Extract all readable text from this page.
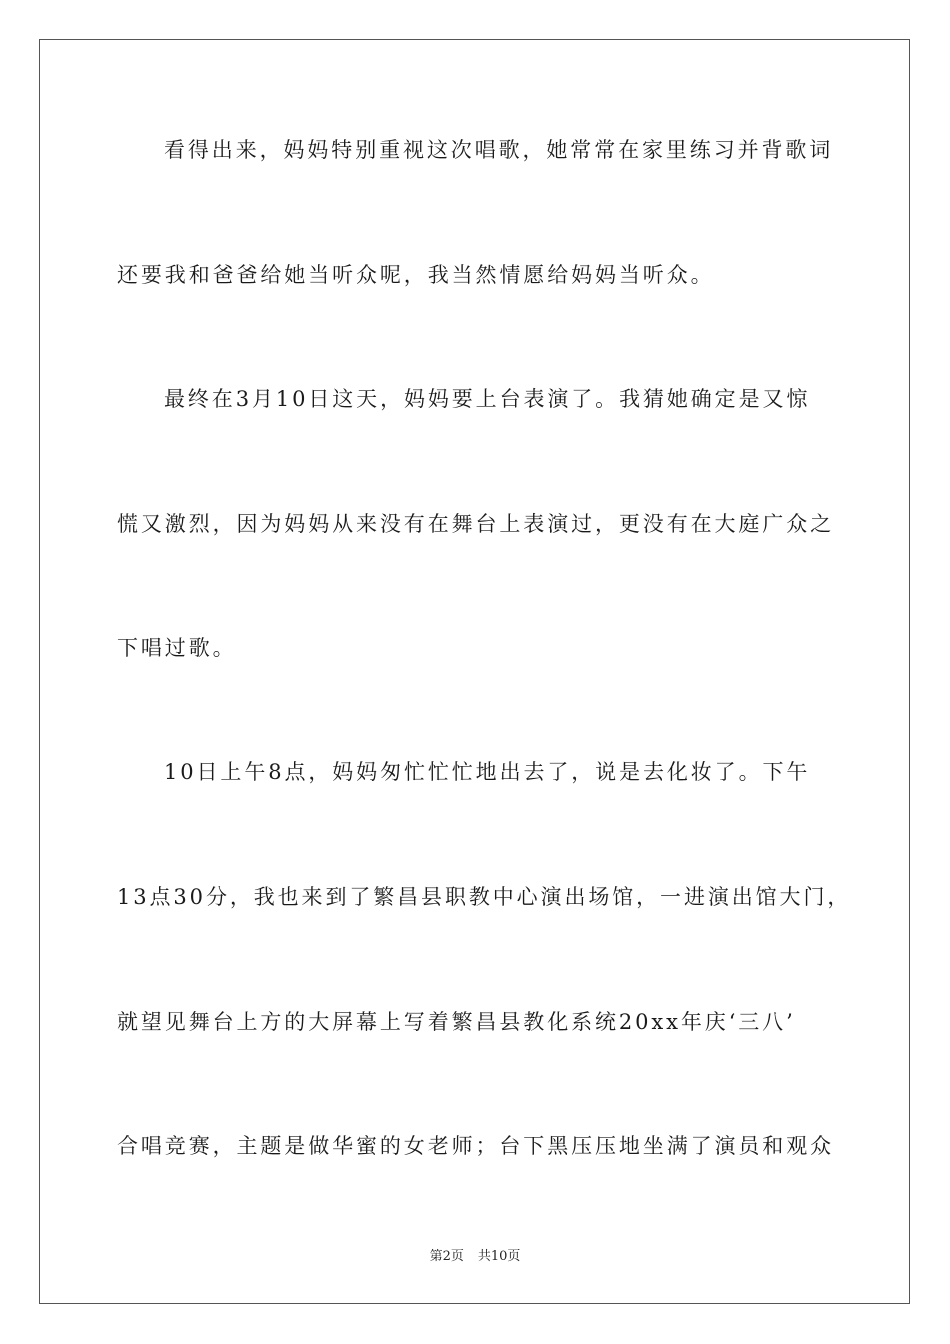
看得出来，妈妈特别重视这次唱歌，她常常在家里练习并背歌词
还要我和爸爸给她当听众呢，我当然情愿给妈妈当听众。
最终在3月10日这天，妈妈要上台表演了。我猜她确定是又惊
慌又激烈，因为妈妈从来没有在舞台上表演过，更没有在大庭广众之
下唱过歌。
10日上午8点，妈妈匆忙忙忙地出去了，说是去化妆了。下午
13点30分，我也来到了繁昌县职教中心演出场馆，一进演出馆大门，
就望见舞台上方的大屏幕上写着繁昌县教化系统20xx年庆‘三八’
合唱竞赛，主题是做华蜜的女老师；台下黑压压地坐满了演员和观众
第2页 共10页
